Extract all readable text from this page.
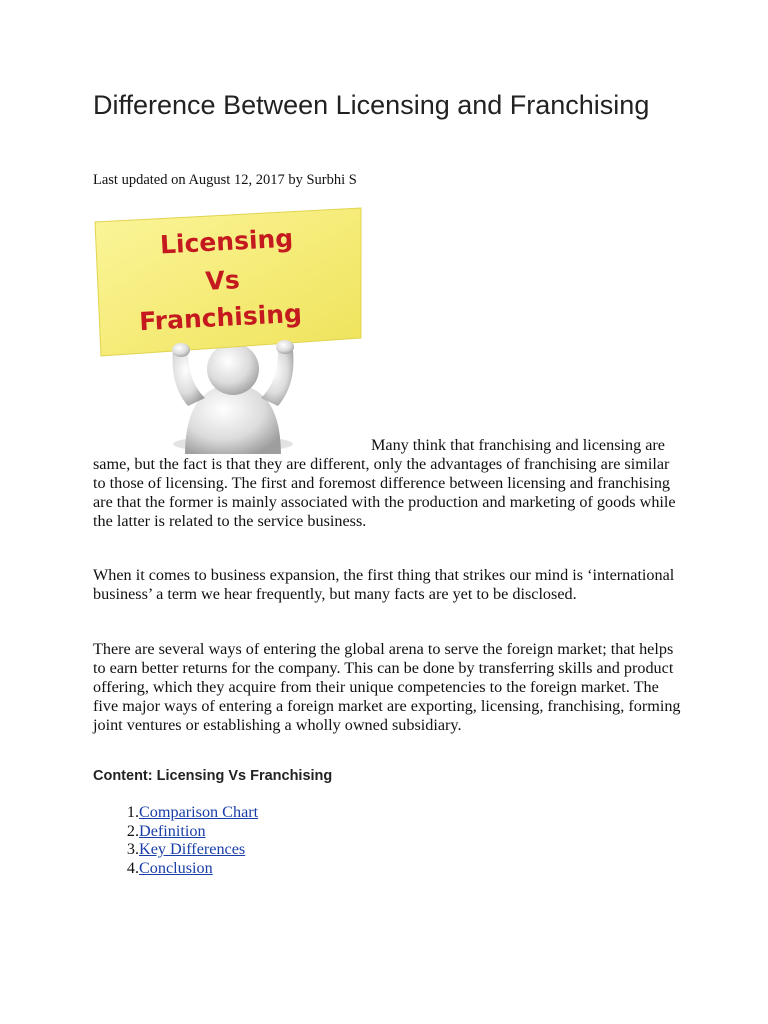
Difference Between Licensing and Franchising
Last updated on August 12, 2017 by Surbhi S
Licensing
Vs
Franchising

Many think that franchising and licensing are same, but the fact is that they are different, only the advantages of franchising are similar to those of licensing. The first and foremost difference between licensing and franchising are that the former is mainly associated with the production and marketing of goods while the latter is related to the service business.

When it comes to business expansion, the first thing that strikes our mind is ‘international business’ a term we hear frequently, but many facts are yet to be disclosed.

There are several ways of entering the global arena to serve the foreign market; that helps to earn better returns for the company. This can be done by transferring skills and product offering, which they acquire from their unique competencies to the foreign market. The five major ways of entering a foreign market are exporting, licensing, franchising, forming joint ventures or establishing a wholly owned subsidiary.

Content: Licensing Vs Franchising
1. Comparison Chart
2. Definition
3. Key Differences
4. Conclusion
